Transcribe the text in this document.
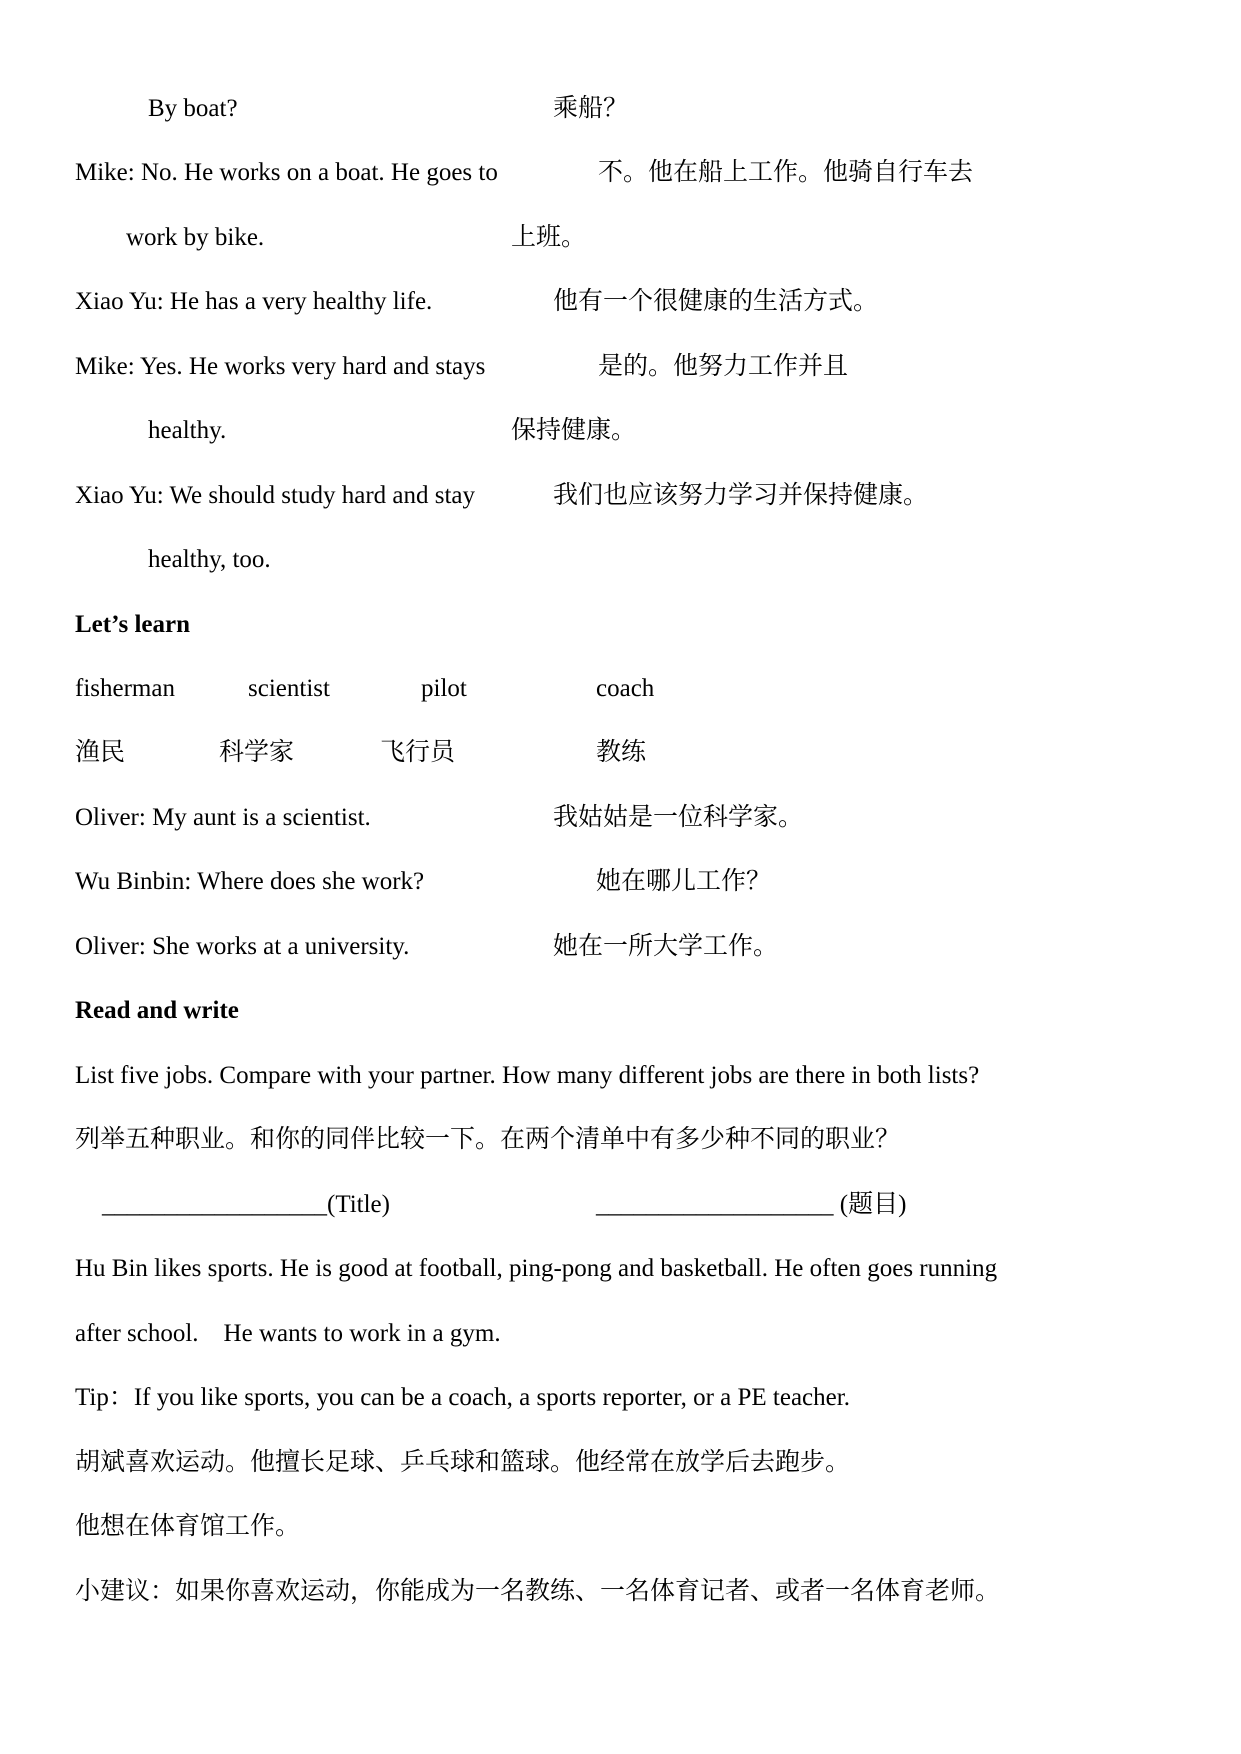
By boat?	乘船？
Mike: No. He works on a boat. He goes to	不。他在船上工作。他骑自行车去
work by bike.	上班。
Xiao Yu: He has a very healthy life.	他有一个很健康的生活方式。
Mike: Yes. He works very hard and stays	是的。他努力工作并且
healthy.	保持健康。
Xiao Yu: We should study hard and stay	我们也应该努力学习并保持健康。
healthy, too.
Let’s learn
fisherman	scientist	pilot	coach
渔民	科学家	飞行员	教练
Oliver: My aunt is a scientist.	我姑姑是一位科学家。
Wu Binbin: Where does she work?	她在哪儿工作？
Oliver: She works at a university.	她在一所大学工作。
Read and write
List five jobs. Compare with your partner. How many different jobs are there in both lists?
列举五种职业。和你的同伴比较一下。在两个清单中有多少种不同的职业？
__________________(Title)	___________________ (题目)
Hu Bin likes sports. He is good at football, ping-pong and basketball. He often goes running
after school.    He wants to work in a gym.
Tip：If you like sports, you can be a coach, a sports reporter, or a PE teacher.
胡斌喜欢运动。他擅长足球、乒乓球和篮球。他经常在放学后去跑步。
他想在体育馆工作。
小建议：如果你喜欢运动，你能成为一名教练、一名体育记者、或者一名体育老师。
